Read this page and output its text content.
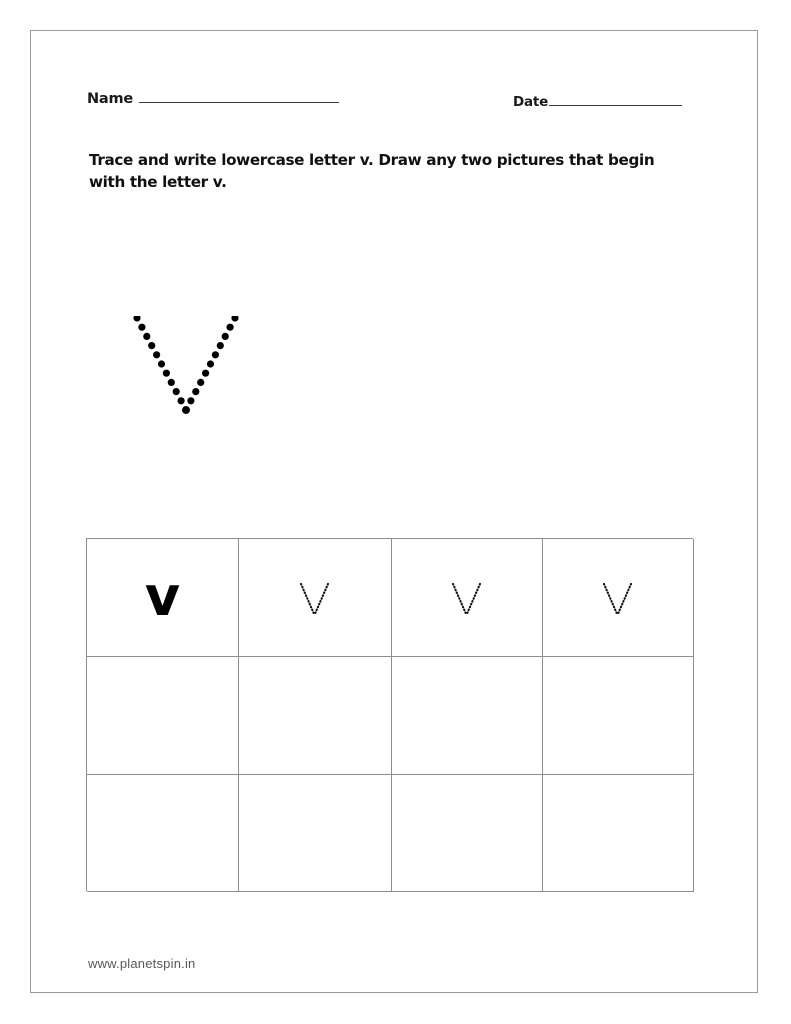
Name	Date
Trace and write lowercase letter v. Draw any two pictures that begin with the letter v.
v
www.planetspin.in
